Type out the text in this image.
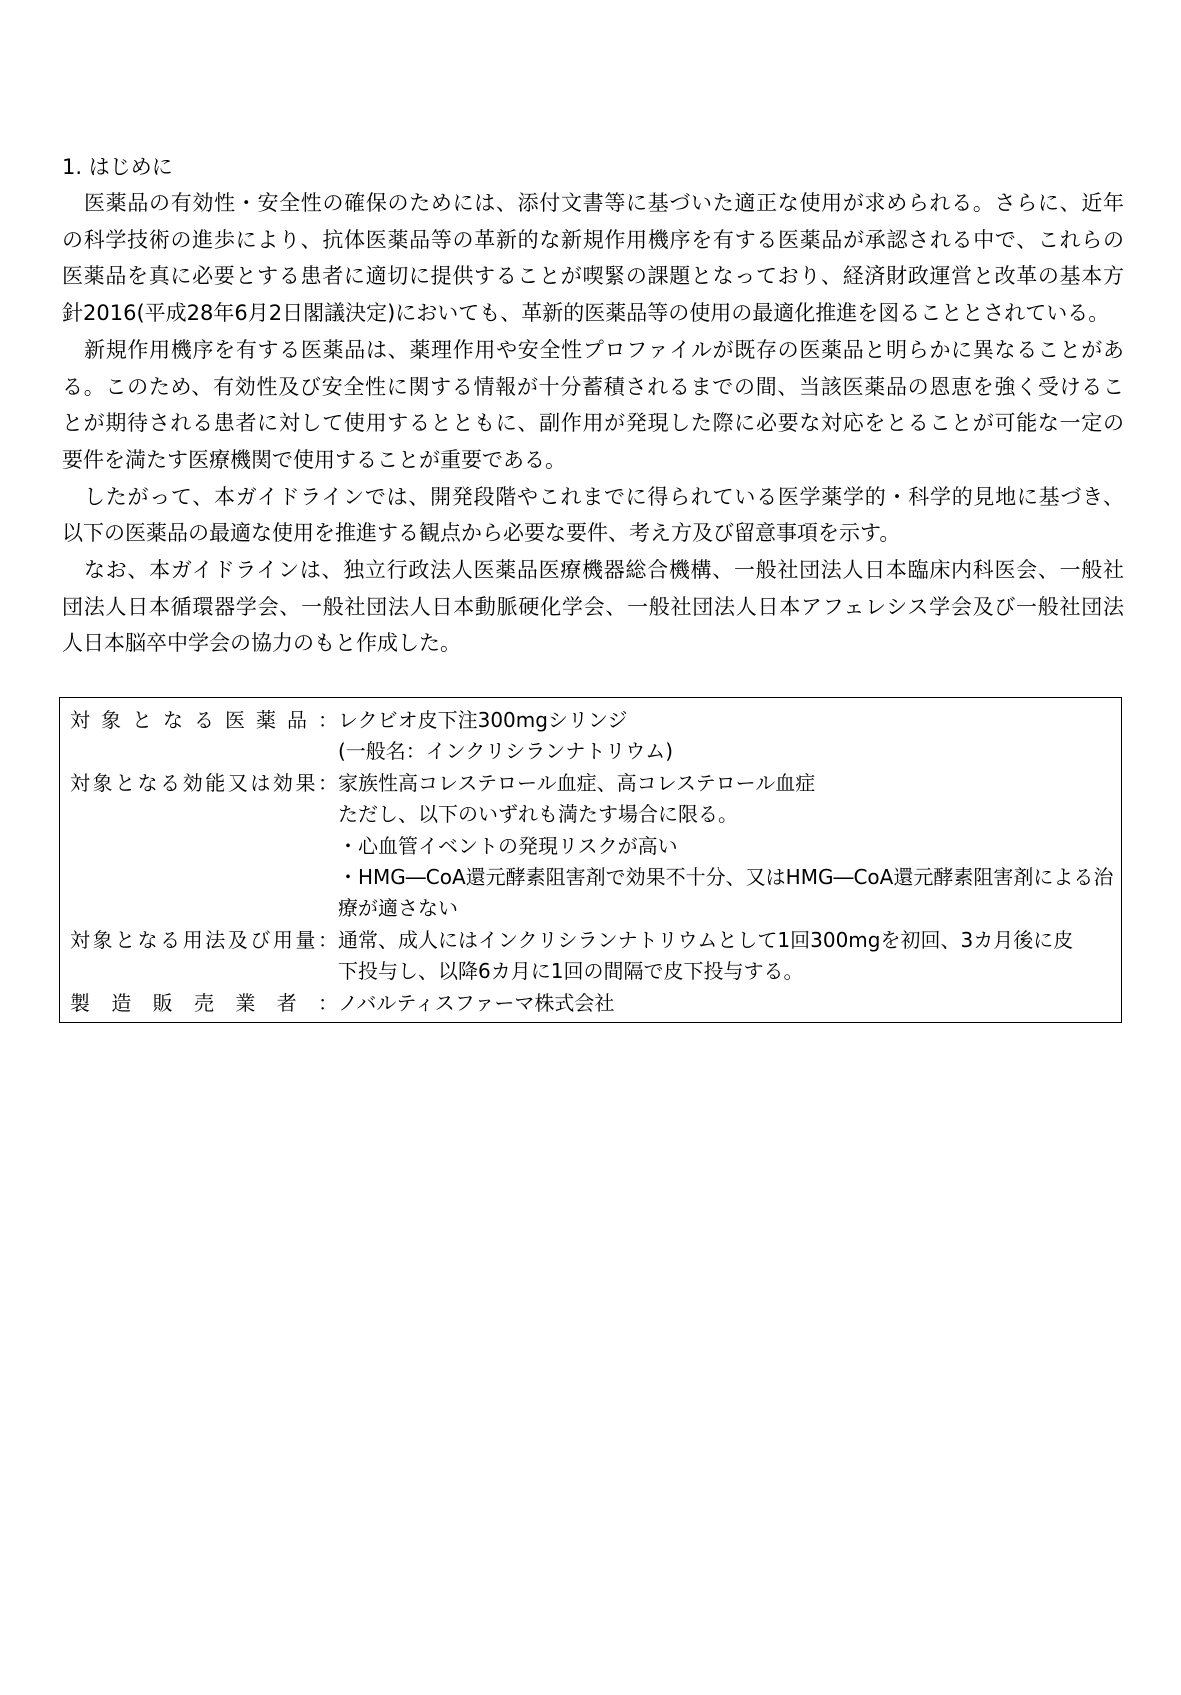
1. はじめに
医薬品の有効性・安全性の確保のためには、添付文書等に基づいた適正な使用が求められる。さらに、近年
の科学技術の進歩により、抗体医薬品等の革新的な新規作用機序を有する医薬品が承認される中で、これらの
医薬品を真に必要とする患者に適切に提供することが喫緊の課題となっており、経済財政運営と改革の基本方
針2016(平成28年6月2日閣議決定)においても、革新的医薬品等の使用の最適化推進を図ることとされている。
新規作用機序を有する医薬品は、薬理作用や安全性プロファイルが既存の医薬品と明らかに異なることがあ
る。このため、有効性及び安全性に関する情報が十分蓄積されるまでの間、当該医薬品の恩恵を強く受けるこ
とが期待される患者に対して使用するとともに、副作用が発現した際に必要な対応をとることが可能な一定の
要件を満たす医療機関で使用することが重要である。
したがって、本ガイドラインでは、開発段階やこれまでに得られている医学薬学的・科学的見地に基づき、
以下の医薬品の最適な使用を推進する観点から必要な要件、考え方及び留意事項を示す。
なお、本ガイドラインは、独立行政法人医薬品医療機器総合機構、一般社団法人日本臨床内科医会、一般社
団法人日本循環器学会、一般社団法人日本動脈硬化学会、一般社団法人日本アフェレシス学会及び一般社団法
人日本脳卒中学会の協力のもと作成した。
対象となる医薬品： レクビオ皮下注300mgシリンジ
(一般名：インクリシランナトリウム)
対象となる効能又は効果： 家族性高コレステロール血症、高コレステロール血症
ただし、以下のいずれも満たす場合に限る。
・心血管イベントの発現リスクが高い
・HMG―CoA還元酵素阻害剤で効果不十分、又はHMG―CoA還元酵素阻害剤による治
療が適さない
対象となる用法及び用量： 通常、成人にはインクリシランナトリウムとして1回300mgを初回、3カ月後に皮
下投与し、以降6カ月に1回の間隔で皮下投与する。
製造販売業者： ノバルティスファーマ株式会社
